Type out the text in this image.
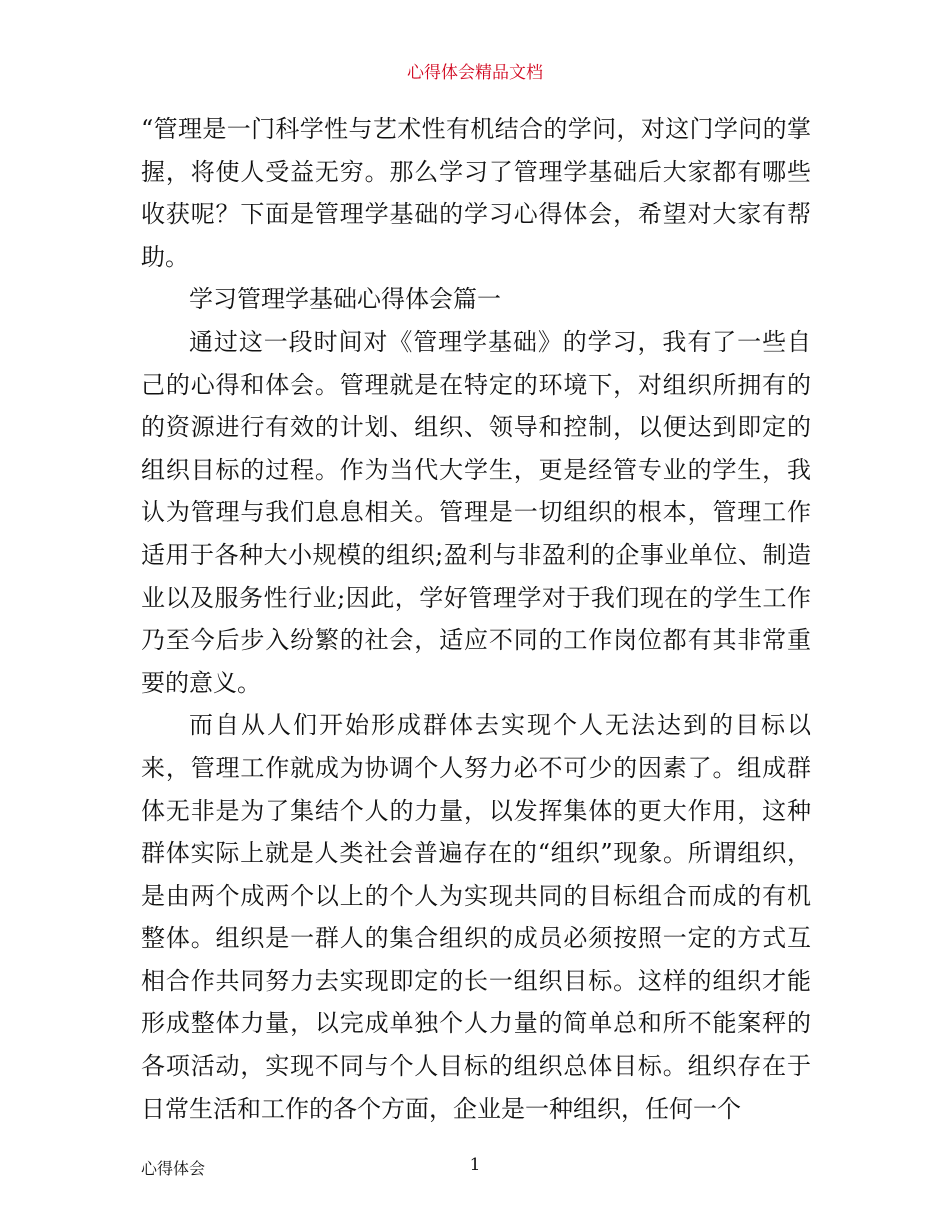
心得体会精品文档

“管理是一门科学性与艺术性有机结合的学问，对这门学问的掌握，将使人受益无穷。那么学习了管理学基础后大家都有哪些收获呢？下面是管理学基础的学习心得体会，希望对大家有帮助。

学习管理学基础心得体会篇一

通过这一段时间对《管理学基础》的学习，我有了一些自己的心得和体会。管理就是在特定的环境下，对组织所拥有的的资源进行有效的计划、组织、领导和控制，以便达到即定的组织目标的过程。作为当代大学生，更是经管专业的学生，我认为管理与我们息息相关。管理是一切组织的根本，管理工作适用于各种大小规模的组织;盈利与非盈利的企事业单位、制造业以及服务性行业;因此，学好管理学对于我们现在的学生工作乃至今后步入纷繁的社会，适应不同的工作岗位都有其非常重要的意义。

而自从人们开始形成群体去实现个人无法达到的目标以来，管理工作就成为协调个人努力必不可少的因素了。组成群体无非是为了集结个人的力量，以发挥集体的更大作用，这种群体实际上就是人类社会普遍存在的“组织”现象。所谓组织，是由两个成两个以上的个人为实现共同的目标组合而成的有机整体。组织是一群人的集合组织的成员必须按照一定的方式互相合作共同努力去实现即定的长一组织目标。这样的组织才能形成整体力量，以完成单独个人力量的简单总和所不能案秤的各项活动，实现不同与个人目标的组织总体目标。组织存在于日常生活和工作的各个方面，企业是一种组织，任何一个

心得体会	1
